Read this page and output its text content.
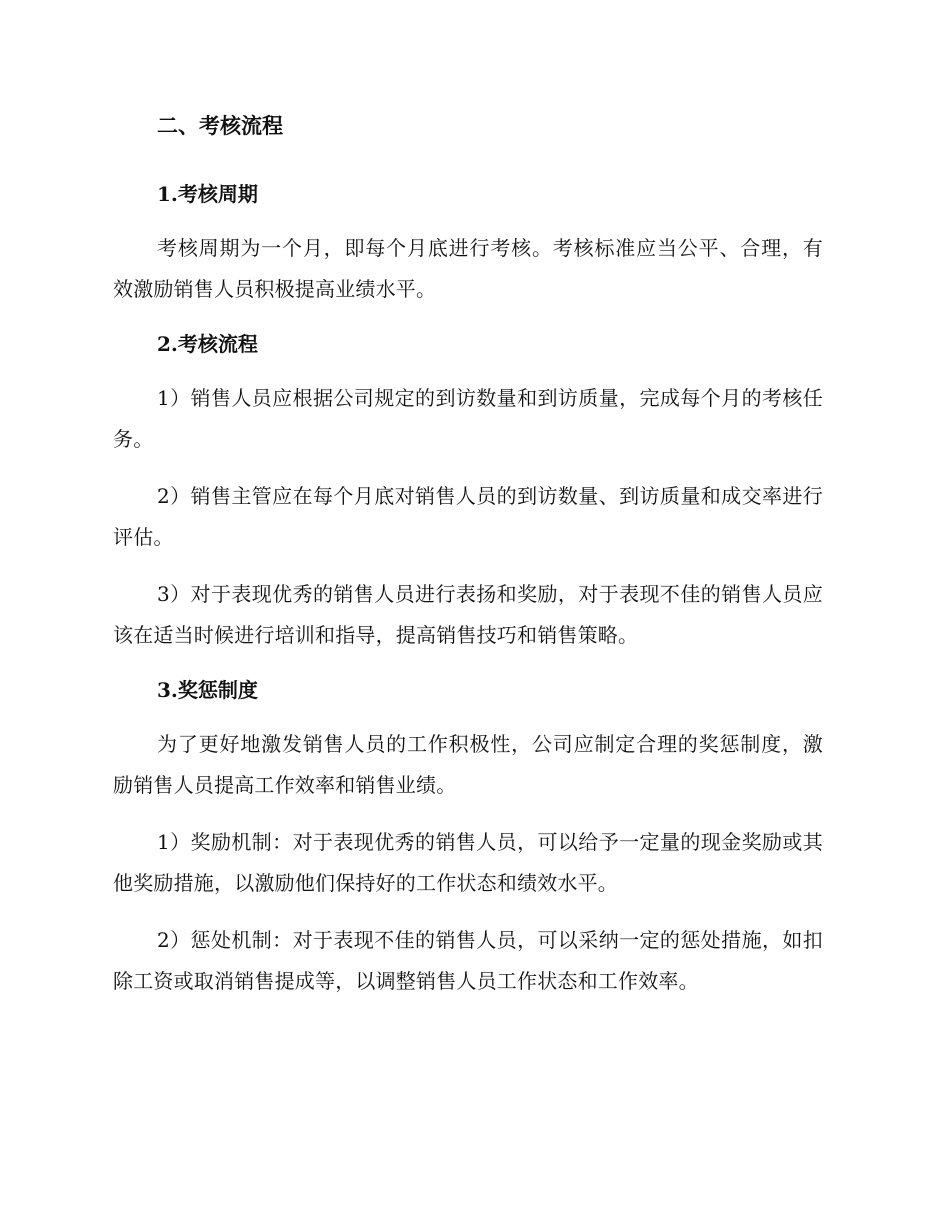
二、考核流程
1.考核周期

考核周期为一个月，即每个月底进行考核。考核标准应当公平、合理，有效激励销售人员积极提高业绩水平。

2.考核流程

1）销售人员应根据公司规定的到访数量和到访质量，完成每个月的考核任务。

2）销售主管应在每个月底对销售人员的到访数量、到访质量和成交率进行评估。

3）对于表现优秀的销售人员进行表扬和奖励，对于表现不佳的销售人员应该在适当时候进行培训和指导，提高销售技巧和销售策略。

3.奖惩制度

为了更好地激发销售人员的工作积极性，公司应制定合理的奖惩制度，激励销售人员提高工作效率和销售业绩。

1）奖励机制：对于表现优秀的销售人员，可以给予一定量的现金奖励或其他奖励措施，以激励他们保持好的工作状态和绩效水平。

2）惩处机制：对于表现不佳的销售人员，可以采纳一定的惩处措施，如扣除工资或取消销售提成等，以调整销售人员工作状态和工作效率。
